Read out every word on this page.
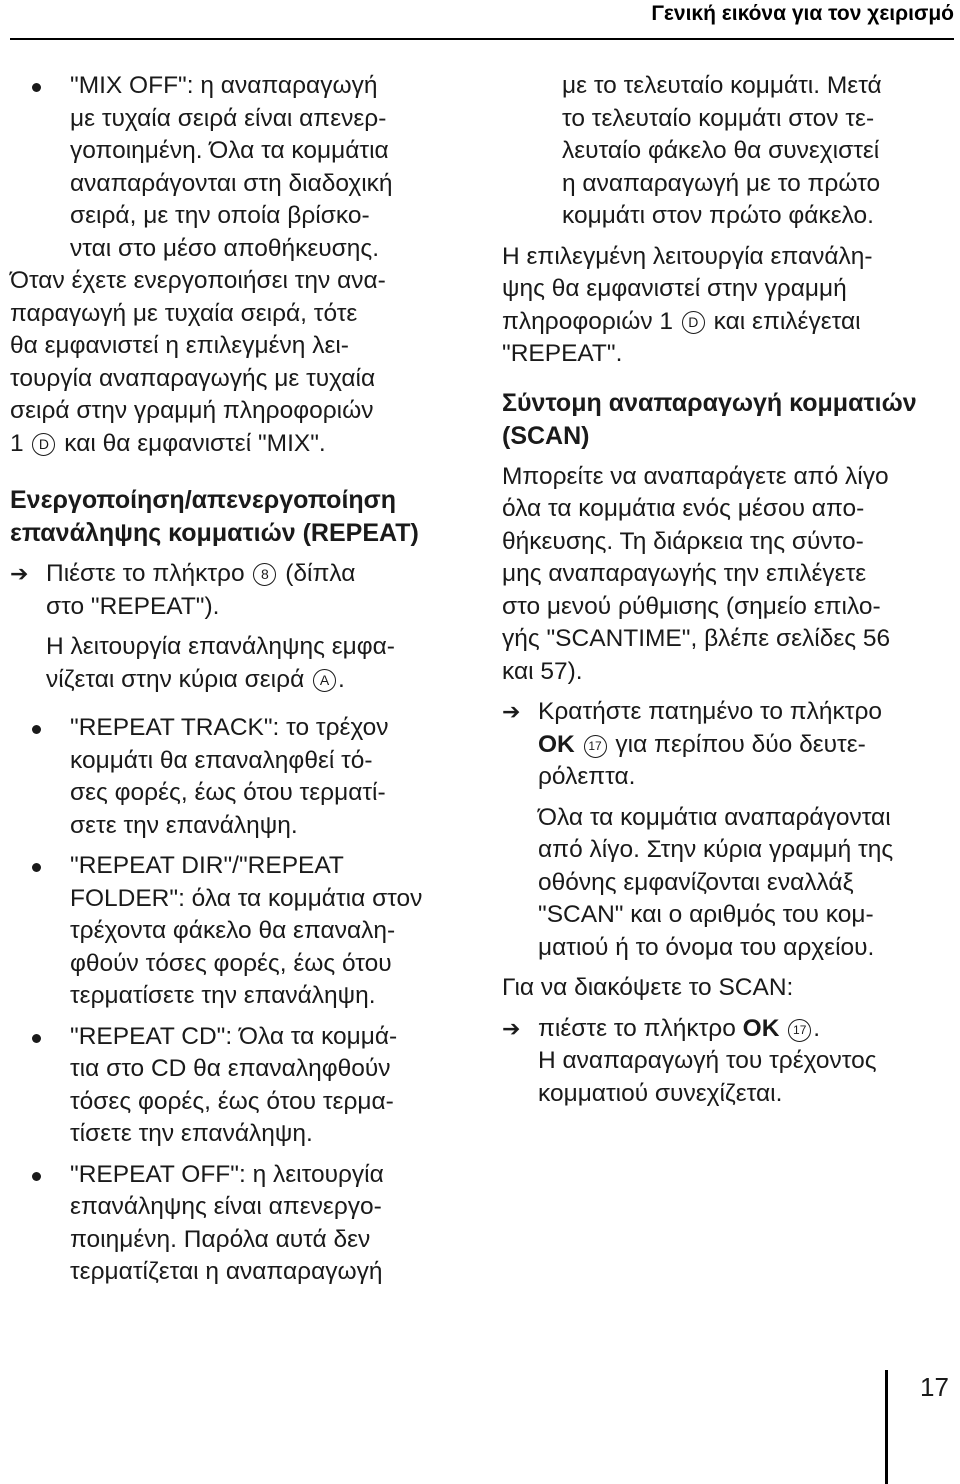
Γενική εικόνα για τον χειρισμό
"MIX OFF": η αναπαραγωγή
με τυχαία σειρά είναι απενερ-
γοποιημένη. Όλα τα κομμάτια
αναπαράγονται στη διαδοχική
σειρά, με την οποία βρίσκο-
νται στο μέσο αποθήκευσης.
Όταν έχετε ενεργοποιήσει την ανα-
παραγωγή με τυχαία σειρά, τότε
θα εμφανιστεί η επιλεγμένη λει-
τουργία αναπαραγωγής με τυχαία
σειρά στην γραμμή πληροφοριών
1 D και θα εμφανιστεί "MIX".
Ενεργοποίηση/απενεργοποίηση
επανάληψης κομματιών (REPEAT)
➔ Πιέστε το πλήκτρο 8 (δίπλα
στο "REPEAT").
Η λειτουργία επανάληψης εμφα-
νίζεται στην κύρια σειρά A .
"REPEAT TRACK": το τρέχον
κομμάτι θα επαναληφθεί τό-
σες φορές, έως ότου τερματί-
σετε την επανάληψη.
"REPEAT DIR"/"REPEAT
FOLDER": όλα τα κομμάτια στον
τρέχοντα φάκελο θα επαναλη-
φθούν τόσες φορές, έως ότου
τερματίσετε την επανάληψη.
"REPEAT CD": Όλα τα κομμά-
τια στο CD θα επαναληφθούν
τόσες φορές, έως ότου τερμα-
τίσετε την επανάληψη.
"REPEAT OFF": η λειτουργία
επανάληψης είναι απενεργο-
ποιημένη. Παρόλα αυτά δεν
τερματίζεται η αναπαραγωγή
με το τελευταίο κομμάτι. Μετά
το τελευταίο κομμάτι στον τε-
λευταίο φάκελο θα συνεχιστεί
η αναπαραγωγή με το πρώτο
κομμάτι στον πρώτο φάκελο.
Η επιλεγμένη λειτουργία επανάλη-
ψης θα εμφανιστεί στην γραμμή
πληροφοριών 1 D και επιλέγεται
"REPEAT".
Σύντομη αναπαραγωγή κομματιών
(SCAN)
Μπορείτε να αναπαράγετε από λίγο
όλα τα κομμάτια ενός μέσου απο-
θήκευσης. Τη διάρκεια της σύντο-
μης αναπαραγωγής την επιλέγετε
στο μενού ρύθμισης (σημείο επιλο-
γής "SCANTIME", βλέπε σελίδες 56
και 57).
➔ Κρατήστε πατημένο το πλήκτρο
OK 17 για περίπου δύο δευτε-
ρόλεπτα.
Όλα τα κομμάτια αναπαράγονται
από λίγο. Στην κύρια γραμμή της
οθόνης εμφανίζονται εναλλάξ
"SCAN" και ο αριθμός του κομ-
ματιού ή το όνομα του αρχείου.
Για να διακόψετε το SCAN:
➔ πιέστε το πλήκτρο OK 17 .
Η αναπαραγωγή του τρέχοντος
κομματιού συνεχίζεται.
17
